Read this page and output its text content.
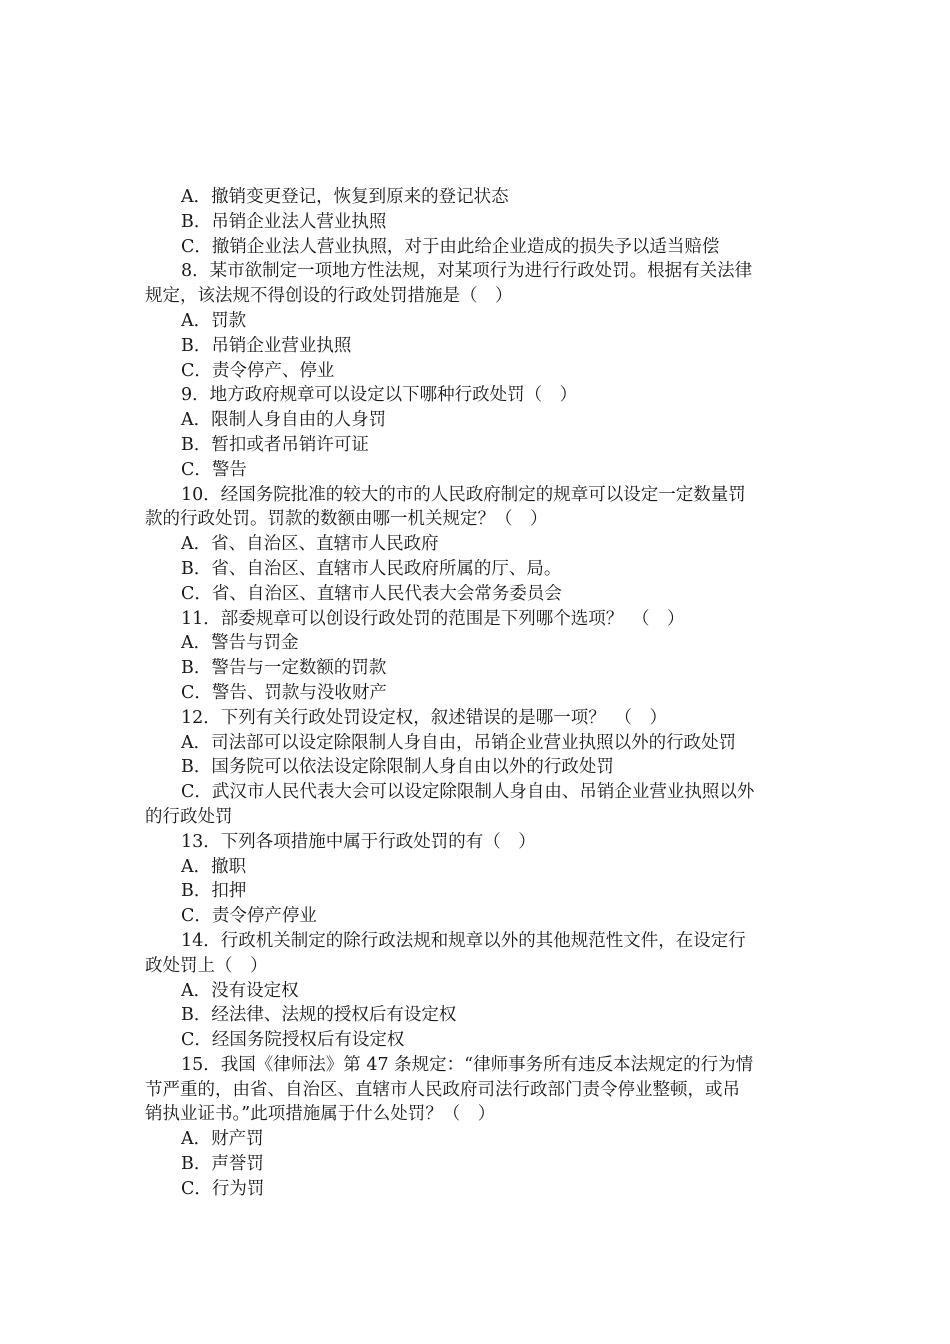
A．撤销变更登记，恢复到原来的登记状态

B．吊销企业法人营业执照

C．撤销企业法人营业执照，对于由此给企业造成的损失予以适当赔偿

8．某市欲制定一项地方性法规，对某项行为进行行政处罚。根据有关法律

规定，该法规不得创设的行政处罚措施是（　）

A．罚款

B．吊销企业营业执照

C．责令停产、停业

9．地方政府规章可以设定以下哪种行政处罚（　）

A．限制人身自由的人身罚

B．暂扣或者吊销许可证

C．警告

10．经国务院批准的较大的市的人民政府制定的规章可以设定一定数量罚

款的行政处罚。罚款的数额由哪一机关规定？（　）

A．省、自治区、直辖市人民政府

B．省、自治区、直辖市人民政府所属的厅、局。

C．省、自治区、直辖市人民代表大会常务委员会

11．部委规章可以创设行政处罚的范围是下列哪个选项？　（　）

A．警告与罚金

B．警告与一定数额的罚款

C．警告、罚款与没收财产

12．下列有关行政处罚设定权，叙述错误的是哪一项？　（　）

A．司法部可以设定除限制人身自由，吊销企业营业执照以外的行政处罚

B．国务院可以依法设定除限制人身自由以外的行政处罚

C．武汉市人民代表大会可以设定除限制人身自由、吊销企业营业执照以外

的行政处罚

13．下列各项措施中属于行政处罚的有（　）

A．撤职

B．扣押

C．责令停产停业

14．行政机关制定的除行政法规和规章以外的其他规范性文件，在设定行

政处罚上（　）

A．没有设定权

B．经法律、法规的授权后有设定权

C．经国务院授权后有设定权

15．我国《律师法》第 47 条规定：“律师事务所有违反本法规定的行为情

节严重的，由省、自治区、直辖市人民政府司法行政部门责令停业整顿，或吊

销执业证书。”此项措施属于什么处罚？（　）

A．财产罚

B．声誉罚

C．行为罚
